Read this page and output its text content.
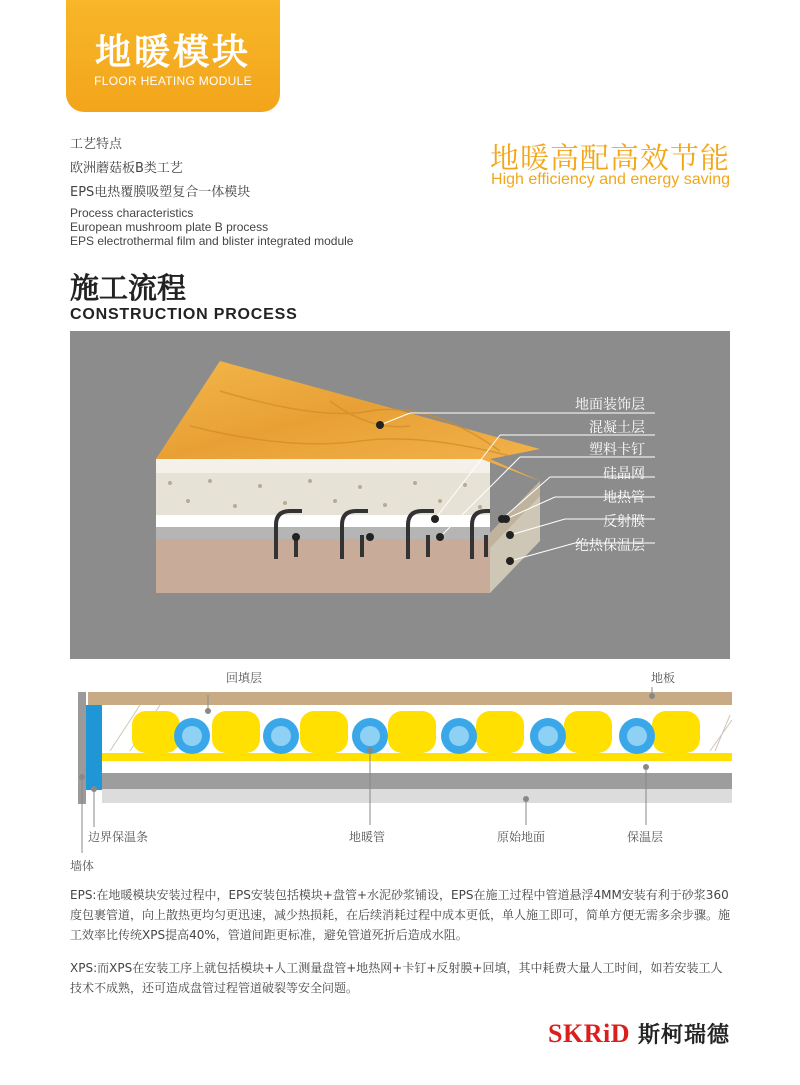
地暖模块
FLOOR HEATING MODULE
工艺特点
欧洲蘑菇板B类工艺
EPS电热覆膜吸塑复合一体模块
Process characteristics
European mushroom plate B process
EPS electrothermal film and blister integrated module
地暖高配高效节能
High efficiency and energy saving
施工流程
CONSTRUCTION PROCESS
地面装饰层
混凝土层
塑料卡钉
硅晶网
地热管
反射膜
绝热保温层
回填层	地板
边界保温条	地暖管	原始地面	保温层
墙体
EPS:在地暖模块安装过程中，EPS安装包括模块+盘管+水泥砂浆铺设，EPS在施工过程中管道悬浮4MM安装有利于砂浆360度包裹管道，向上散热更均匀更迅速，减少热损耗，在后续消耗过程中成本更低，单人施工即可，简单方便无需多余步骤。施工效率比传统XPS提高40%，管道间距更标准，避免管道死折后造成水阻。
XPS:而XPS在安装工序上就包括模块+人工测量盘管+地热网+卡钉+反射膜+回填，其中耗费大量人工时间，如若安装工人技术不成熟，还可造成盘管过程管道破裂等安全问题。
SKRiD 斯柯瑞德
